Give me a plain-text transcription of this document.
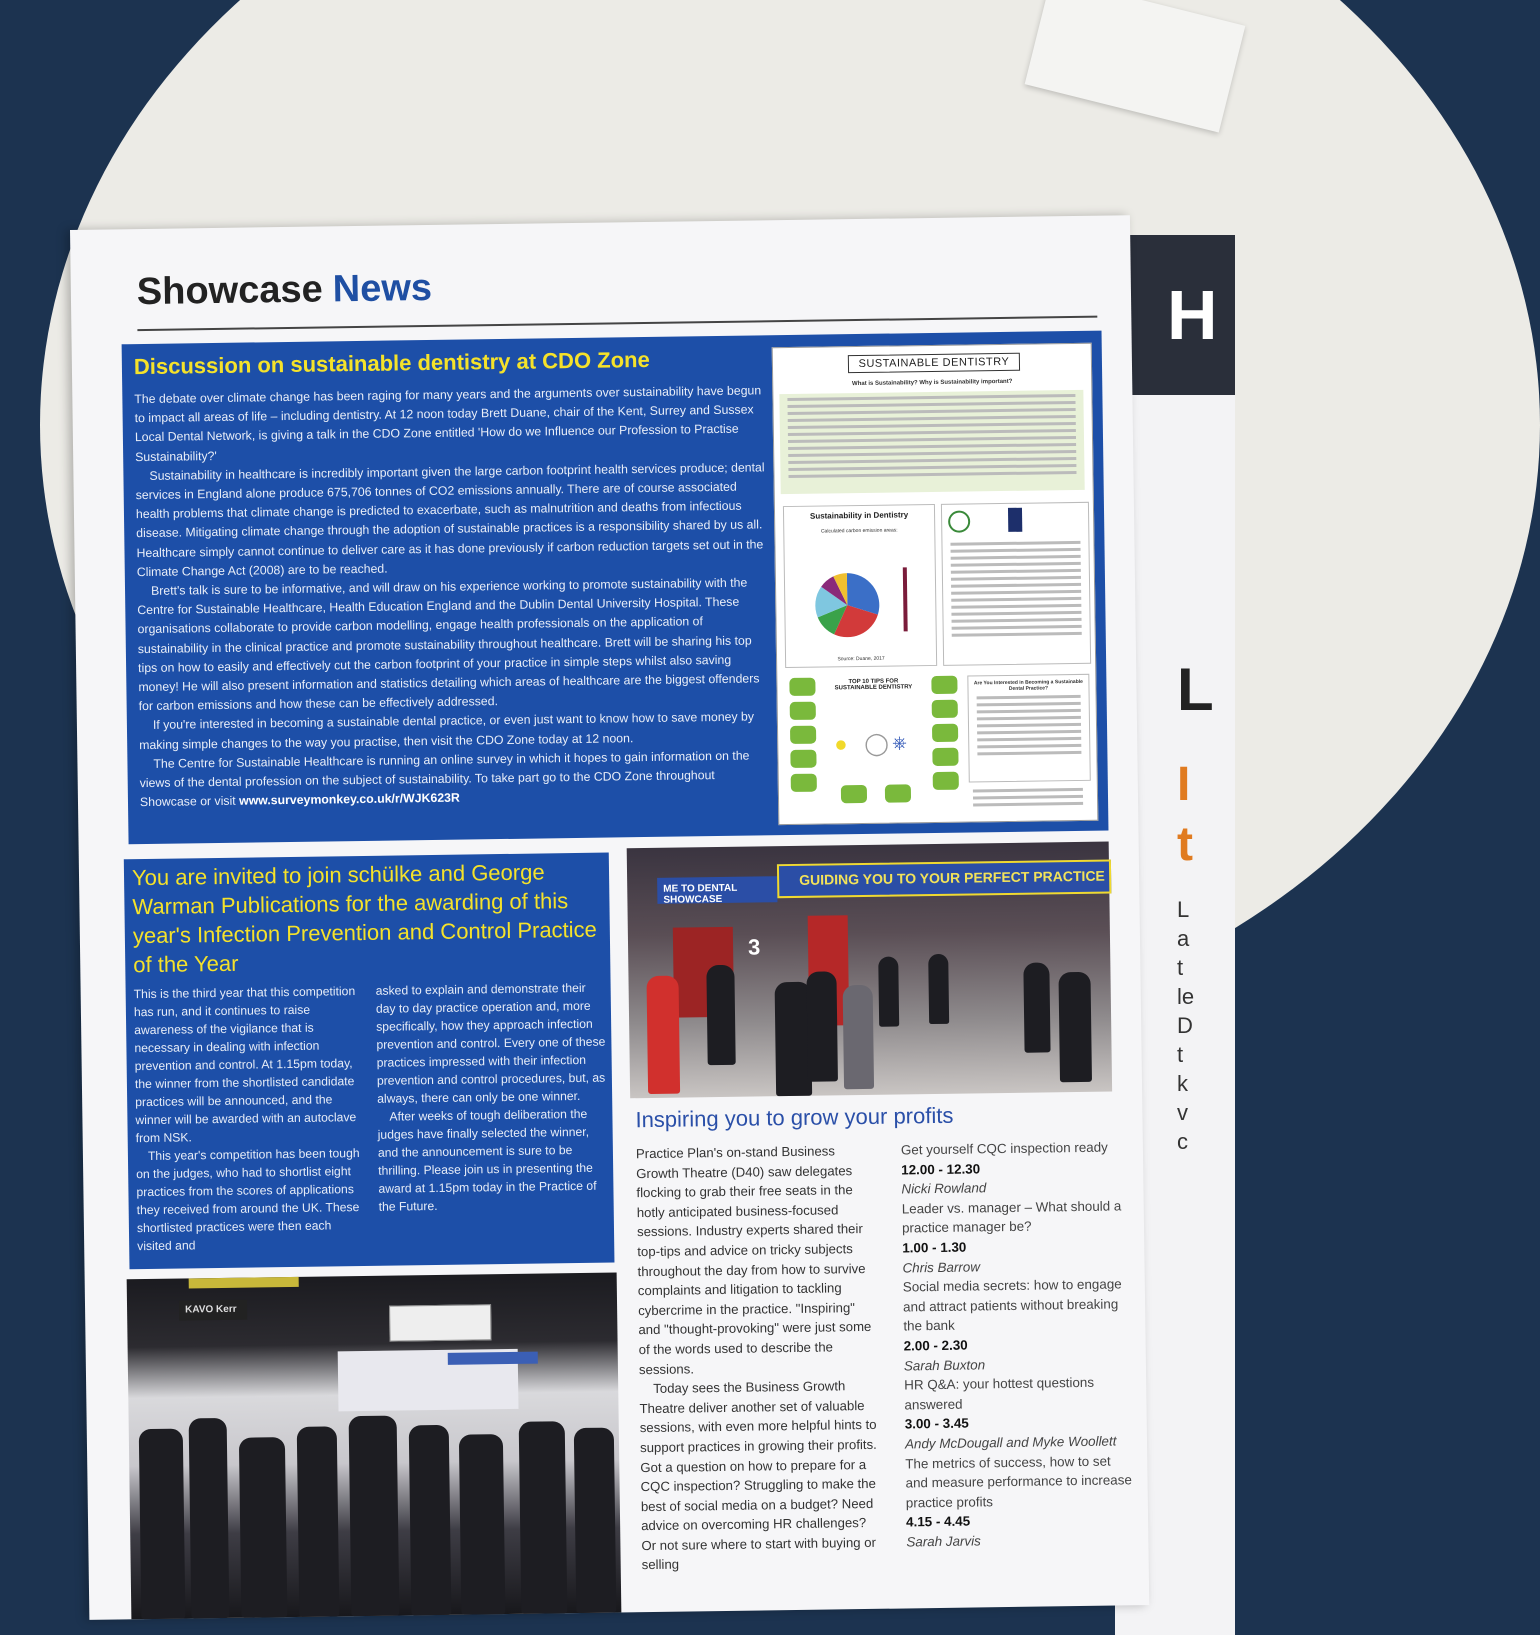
H
L
I
t
L
a
t
le
D
t
k
v
c
Showcase News
Discussion on sustainable dentistry at CDO Zone

The debate over climate change has been raging for many years and the arguments over sustainability have begun to impact all areas of life – including dentistry. At 12 noon today Brett Duane, chair of the Kent, Surrey and Sussex Local Dental Network, is giving a talk in the CDO Zone entitled 'How do we Influence our Profession to Practise Sustainability?'

Sustainability in healthcare is incredibly important given the large carbon footprint health services produce; dental services in England alone produce 675,706 tonnes of CO2 emissions annually. There are of course associated health problems that climate change is predicted to exacerbate, such as malnutrition and deaths from infectious disease. Mitigating climate change through the adoption of sustainable practices is a responsibility shared by us all. Healthcare simply cannot continue to deliver care as it has done previously if carbon reduction targets set out in the Climate Change Act (2008) are to be reached.

Brett's talk is sure to be informative, and will draw on his experience working to promote sustainability with the Centre for Sustainable Healthcare, Health Education England and the Dublin Dental University Hospital. These organisations collaborate to provide carbon modelling, engage health professionals on the application of sustainability in the clinical practice and promote sustainability throughout healthcare. Brett will be sharing his top tips on how to easily and effectively cut the carbon footprint of your practice in simple steps whilst also saving money! He will also present information and statistics detailing which areas of healthcare are the biggest offenders for carbon emissions and how these can be effectively addressed.

If you're interested in becoming a sustainable dental practice, or even just want to know how to save money by making simple changes to the way you practise, then visit the CDO Zone today at 12 noon.

The Centre for Sustainable Healthcare is running an online survey in which it hopes to gain information on the views of the dental profession on the subject of sustainability. To take part go to the CDO Zone throughout Showcase or visit www.surveymonkey.co.uk/r/WJK623R

SUSTAINABLE DENTISTRY
What is Sustainability? Why is Sustainability important?
Sustainability in Dentistry
Calculated carbon emission areas:
Source: Duane, 2017
TOP 10 TIPS FOR SUSTAINABLE DENTISTRY
● ◯ ⎈
Are You Interested in Becoming a Sustainable Dental Practice?
You are invited to join schülke and George Warman Publications for the awarding of this year's Infection Prevention and Control Practice of the Year

This is the third year that this competition has run, and it continues to raise awareness of the vigilance that is necessary in dealing with infection prevention and control. At 1.15pm today, the winner from the shortlisted candidate practices will be announced, and the winner will be awarded with an autoclave from NSK.

This year's competition has been tough on the judges, who had to shortlist eight practices from the scores of applications they received from around the UK. These shortlisted practices were then each visited and

asked to explain and demonstrate their day to day practice operation and, more specifically, how they approach infection prevention and control. Every one of these practices impressed with their infection prevention and control procedures, but, as always, there can only be one winner.

After weeks of tough deliberation the judges have finally selected the winner, and the announcement is sure to be thrilling. Please join us in presenting the award at 1.15pm today in the Practice of the Future.

ME TO DENTAL SHOWCASE
GUIDING YOU TO YOUR PERFECT PRACTICE
3
KAVO Kerr
Inspiring you to grow your profits

Practice Plan's on-stand Business Growth Theatre (D40) saw delegates flocking to grab their free seats in the hotly anticipated business-focused sessions. Industry experts shared their top-tips and advice on tricky subjects throughout the day from how to survive complaints and litigation to tackling cybercrime in the practice. "Inspiring" and "thought-provoking" were just some of the words used to describe the sessions.

Today sees the Business Growth Theatre deliver another set of valuable sessions, with even more helpful hints to support practices in growing their profits. Got a question on how to prepare for a CQC inspection? Struggling to make the best of social media on a budget? Need advice on overcoming HR challenges? Or not sure where to start with buying or selling

Get yourself CQC inspection ready
12.00 - 12.30
Nicki Rowland
Leader vs. manager – What should a practice manager be?
1.00 - 1.30
Chris Barrow
Social media secrets: how to engage and attract patients without breaking the bank
2.00 - 2.30
Sarah Buxton
HR Q&A: your hottest questions answered
3.00 - 3.45
Andy McDougall and Myke Woollett
The metrics of success, how to set and measure performance to increase practice profits
4.15 - 4.45
Sarah Jarvis
